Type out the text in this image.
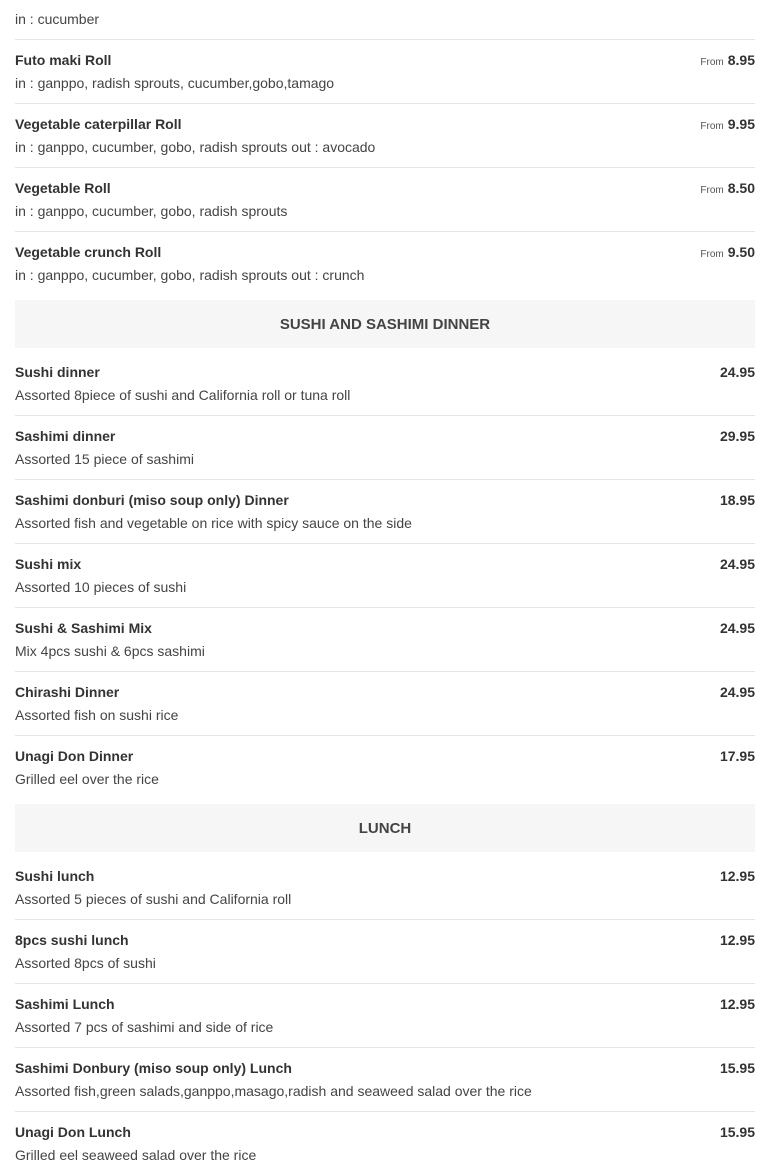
in : cucumber
Futo maki Roll
in : ganppo, radish sprouts, cucumber,gobo,tamago
From 8.95
Vegetable caterpillar Roll
in : ganppo, cucumber, gobo, radish sprouts out : avocado
From 9.95
Vegetable Roll
in : ganppo, cucumber, gobo, radish sprouts
From 8.50
Vegetable crunch Roll
in : ganppo, cucumber, gobo, radish sprouts out : crunch
From 9.50
SUSHI AND SASHIMI DINNER
Sushi dinner
Assorted 8piece of sushi and California roll or tuna roll
24.95
Sashimi dinner
Assorted 15 piece of sashimi
29.95
Sashimi donburi (miso soup only) Dinner
Assorted fish and vegetable on rice with spicy sauce on the side
18.95
Sushi mix
Assorted 10 pieces of sushi
24.95
Sushi & Sashimi Mix
Mix 4pcs sushi & 6pcs sashimi
24.95
Chirashi Dinner
Assorted fish on sushi rice
24.95
Unagi Don Dinner
Grilled eel over the rice
17.95
LUNCH
Sushi lunch
Assorted 5 pieces of sushi and California roll
12.95
8pcs sushi lunch
Assorted 8pcs of sushi
12.95
Sashimi Lunch
Assorted 7 pcs of sashimi and side of rice
12.95
Sashimi Donbury (miso soup only) Lunch
Assorted fish,green salads,ganppo,masago,radish and seaweed salad over the rice
15.95
Unagi Don Lunch
Grilled eel seaweed salad over the rice
15.95
